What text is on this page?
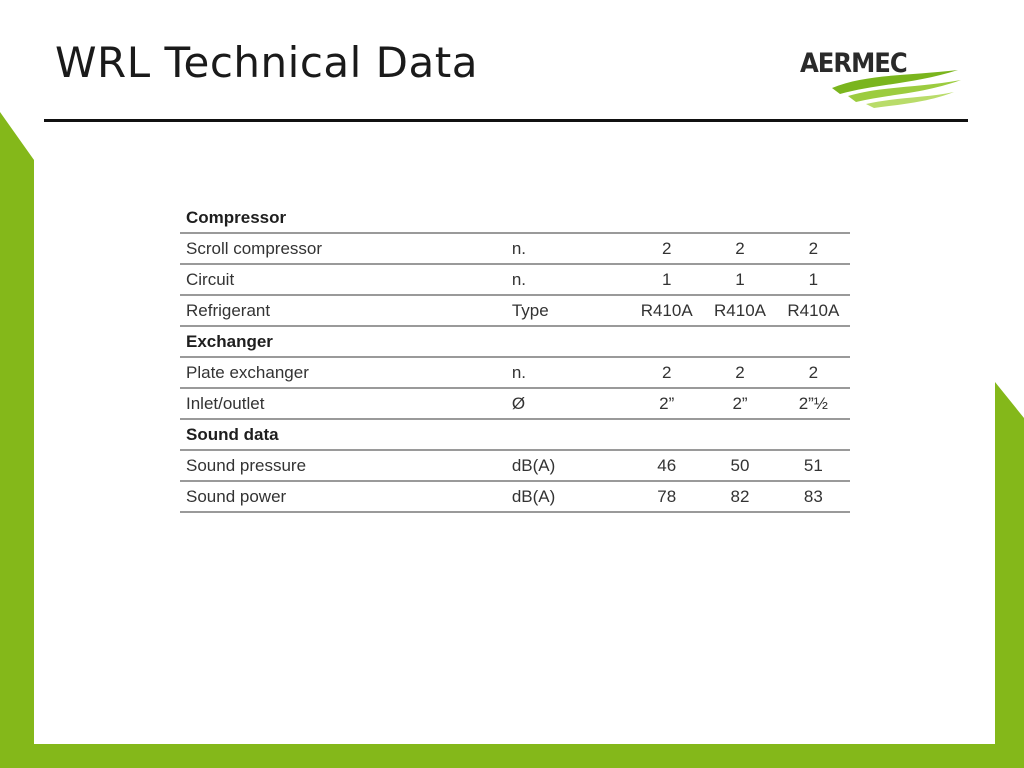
WRL Technical Data	AERMEC
Compressor				
Scroll compressor	n.	2	2	2
Circuit	n.	1	1	1
Refrigerant	Type	R410A	R410A	R410A
Exchanger				
Plate exchanger	n.	2	2	2
Inlet/outlet	Ø	2”	2”	2”½
Sound data				
Sound pressure	dB(A)	46	50	51
Sound power	dB(A)	78	82	83
